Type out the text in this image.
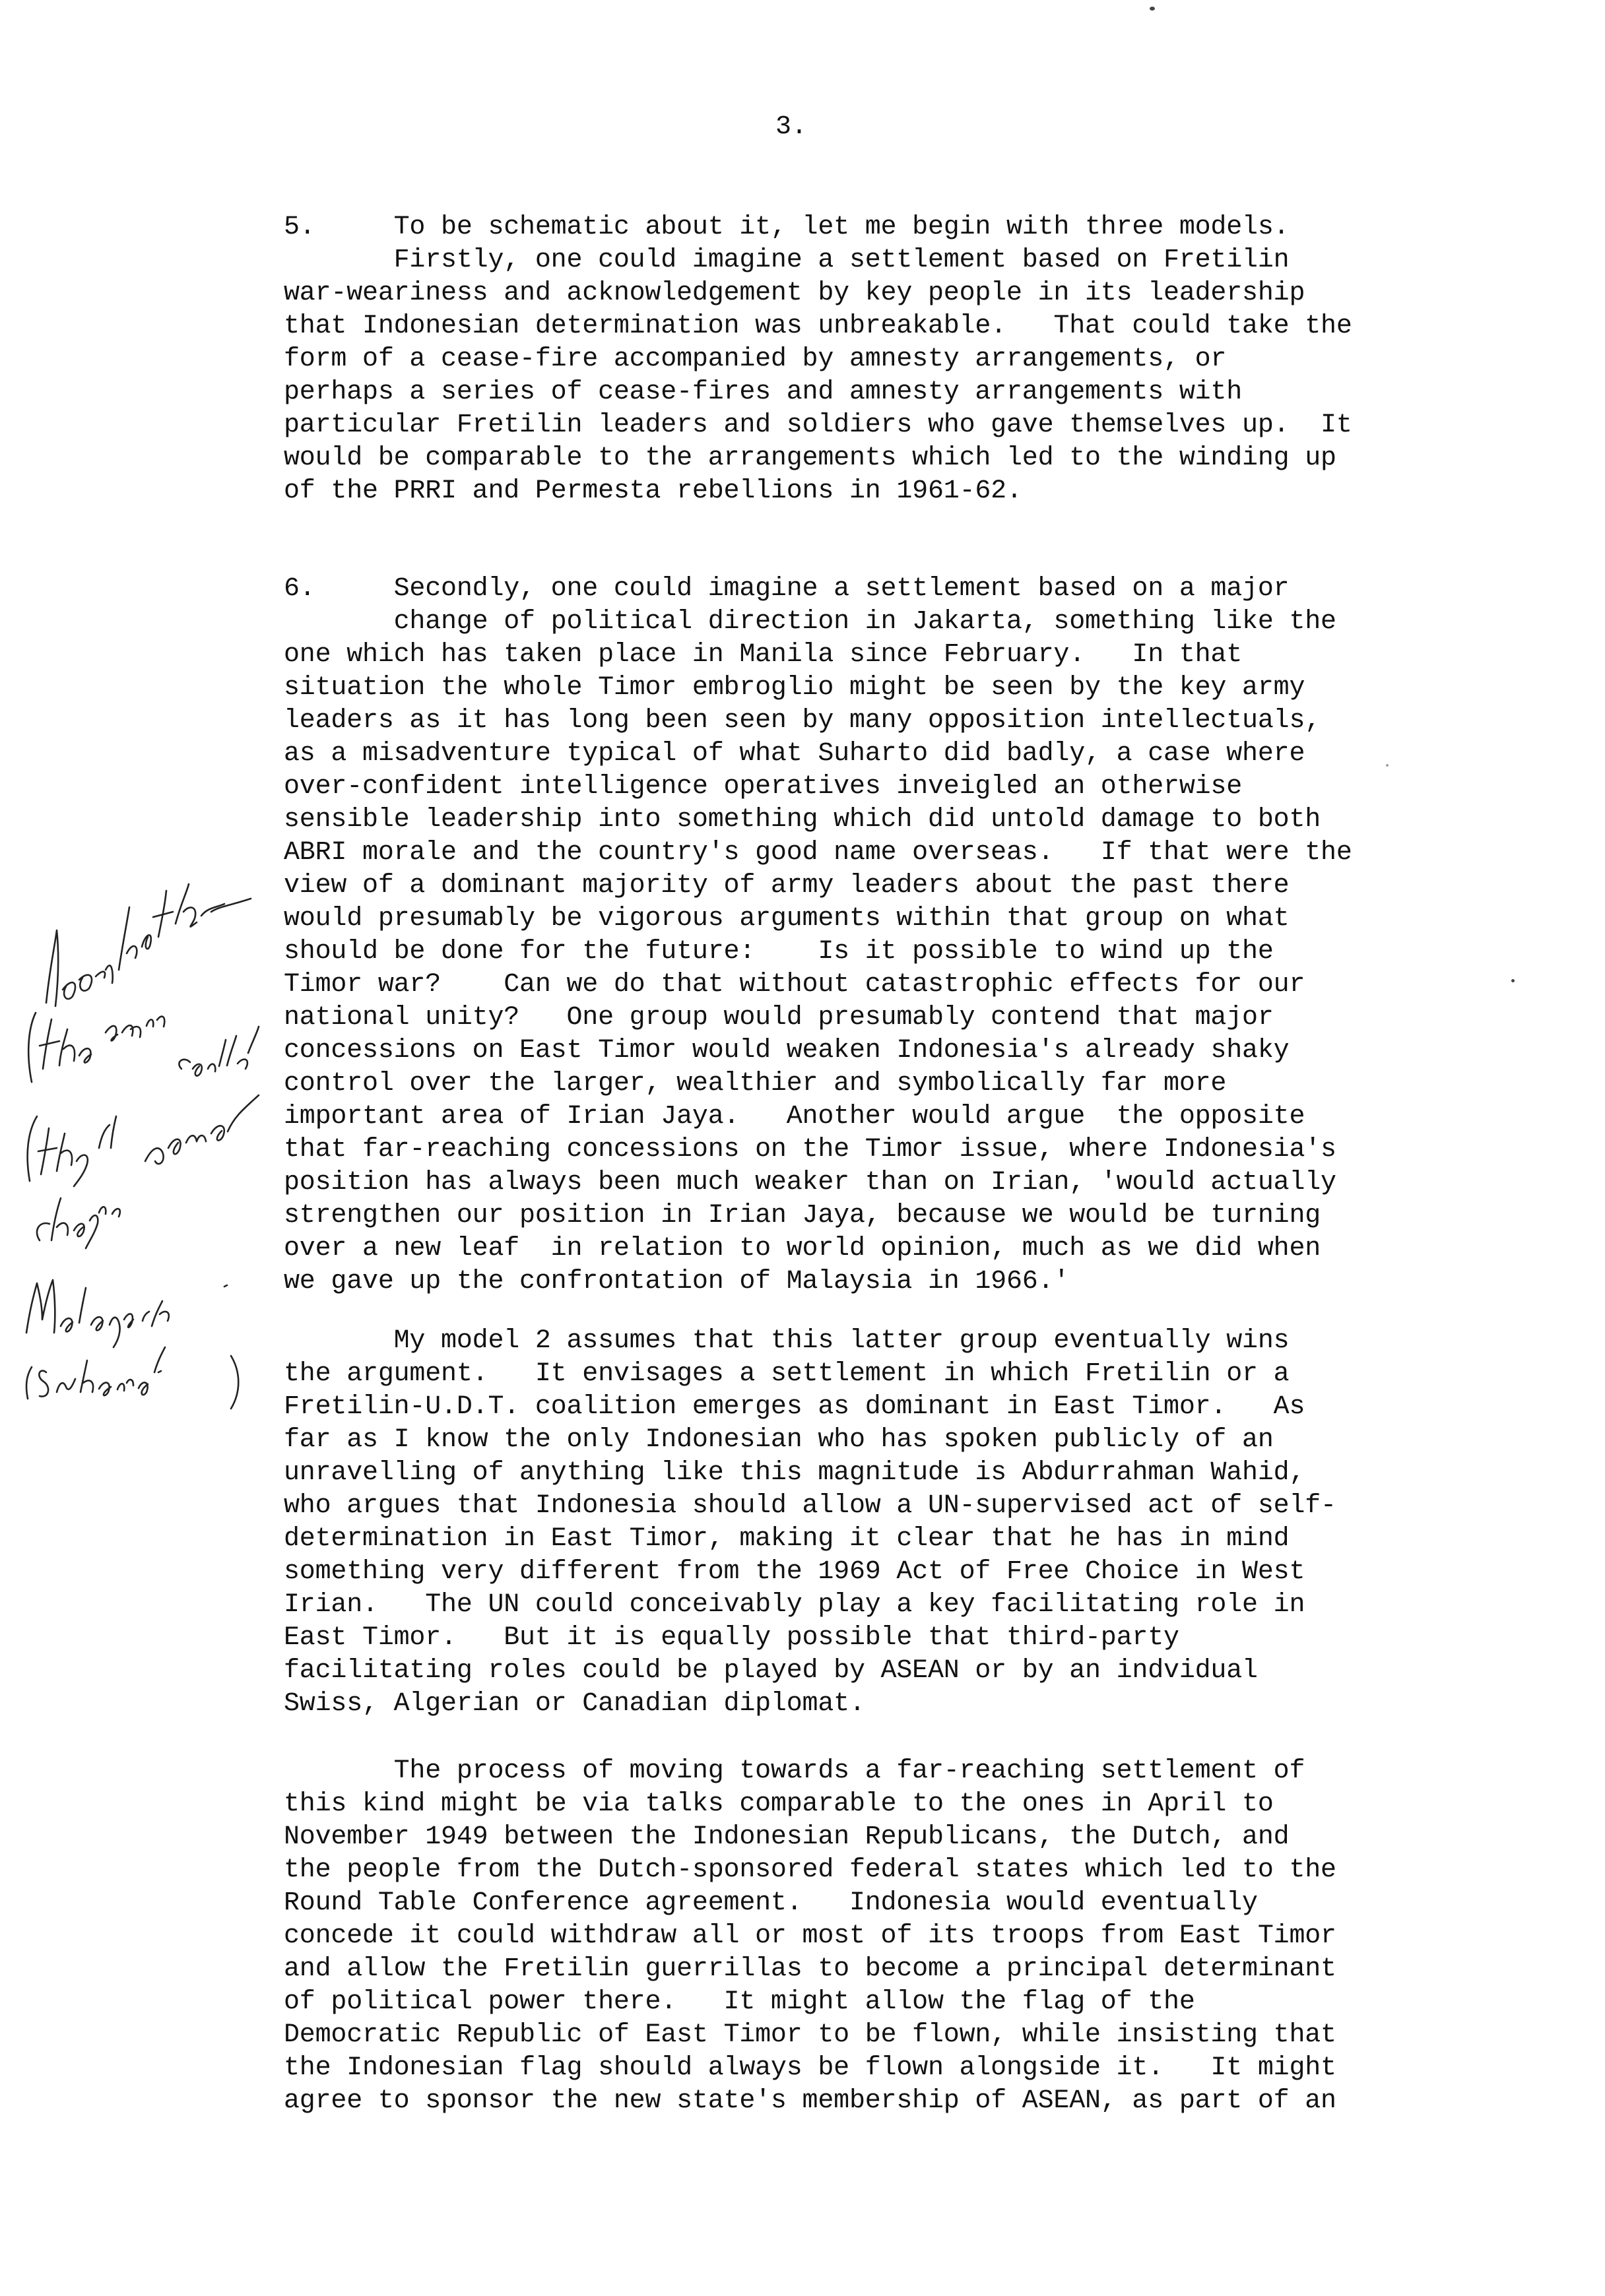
3.
5.     To be schematic about it, let me begin with three models.
Firstly, one could imagine a settlement based on Fretilin
war-weariness and acknowledgement by key people in its leadership
that Indonesian determination was unbreakable.   That could take the
form of a cease-fire accompanied by amnesty arrangements, or
perhaps a series of cease-fires and amnesty arrangements with
particular Fretilin leaders and soldiers who gave themselves up.  It
would be comparable to the arrangements which led to the winding up
of the PRRI and Permesta rebellions in 1961-62.
6.     Secondly, one could imagine a settlement based on a major
change of political direction in Jakarta, something like the
one which has taken place in Manila since February.   In that
situation the whole Timor embroglio might be seen by the key army
leaders as it has long been seen by many opposition intellectuals,
as a misadventure typical of what Suharto did badly, a case where
over-confident intelligence operatives inveigled an otherwise
sensible leadership into something which did untold damage to both
ABRI morale and the country's good name overseas.   If that were the
view of a dominant majority of army leaders about the past there
would presumably be vigorous arguments within that group on what
should be done for the future:    Is it possible to wind up the
Timor war?    Can we do that without catastrophic effects for our
national unity?   One group would presumably contend that major
concessions on East Timor would weaken Indonesia's already shaky
control over the larger, wealthier and symbolically far more
important area of Irian Jaya.   Another would argue  the opposite
that far-reaching concessions on the Timor issue, where Indonesia's
position has always been much weaker than on Irian, 'would actually
strengthen our position in Irian Jaya, because we would be turning
over a new leaf  in relation to world opinion, much as we did when
we gave up the confrontation of Malaysia in 1966.'
My model 2 assumes that this latter group eventually wins
the argument.   It envisages a settlement in which Fretilin or a
Fretilin-U.D.T. coalition emerges as dominant in East Timor.   As
far as I know the only Indonesian who has spoken publicly of an
unravelling of anything like this magnitude is Abdurrahman Wahid,
who argues that Indonesia should allow a UN-supervised act of self-
determination in East Timor, making it clear that he has in mind
something very different from the 1969 Act of Free Choice in West
Irian.   The UN could conceivably play a key facilitating role in
East Timor.   But it is equally possible that third-party
facilitating roles could be played by ASEAN or by an indvidual
Swiss, Algerian or Canadian diplomat.
The process of moving towards a far-reaching settlement of
this kind might be via talks comparable to the ones in April to
November 1949 between the Indonesian Republicans, the Dutch, and
the people from the Dutch-sponsored federal states which led to the
Round Table Conference agreement.   Indonesia would eventually
concede it could withdraw all or most of its troops from East Timor
and allow the Fretilin guerrillas to become a principal determinant
of political power there.   It might allow the flag of the
Democratic Republic of East Timor to be flown, while insisting that
the Indonesian flag should always be flown alongside it.   It might
agree to sponsor the new state's membership of ASEAN, as part of an
